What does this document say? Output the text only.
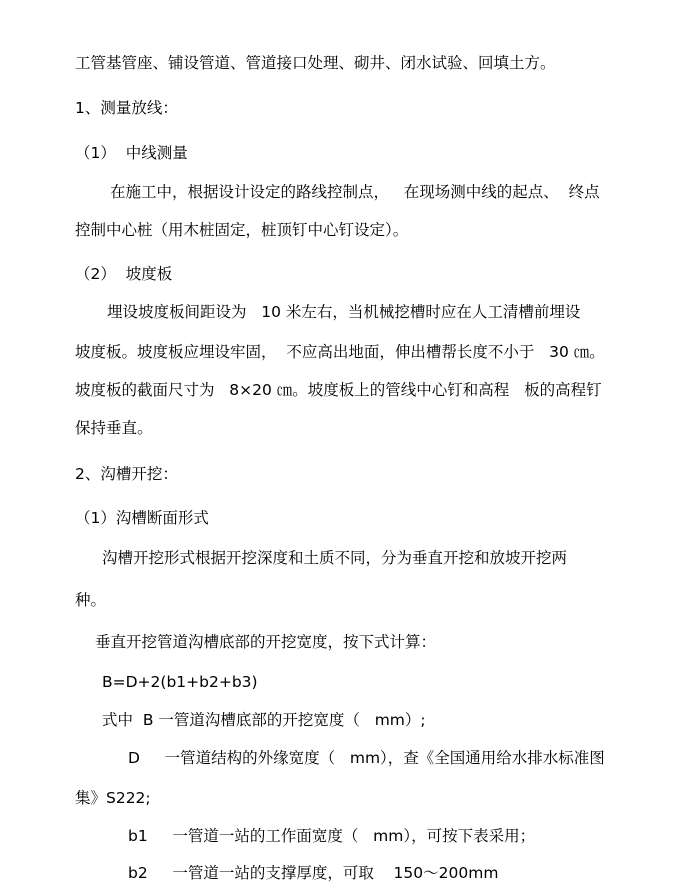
工管基管座、铺设管道、管道接口处理、砌井、闭水试验、回填土方。
1、测量放线：
（1）  中线测量
在施工中，根据设计设定的路线控制点，   在现场测中线的起点、  终点
控制中心桩（用木桩固定，桩顶钉中心钉设定）。
（2）  坡度板
埋设坡度板间距设为   10 米左右，当机械挖槽时应在人工清槽前埋设
坡度板。坡度板应埋设牢固，  不应高出地面，伸出槽帮长度不小于   30 ㎝。
坡度板的截面尺寸为   8×20 ㎝。坡度板上的管线中心钉和高程   板的高程钉
保持垂直。
2、沟槽开挖：
（1）沟槽断面形式
沟槽开挖形式根据开挖深度和土质不同，分为垂直开挖和放坡开挖两
种。
垂直开挖管道沟槽底部的开挖宽度，按下式计算：
B=D+2(b1+b2+b3)
式中  B 一管道沟槽底部的开挖宽度（   mm）;
D     一管道结构的外缘宽度（   mm），查《全国通用给水排水标准图
集》S222;
b1     一管道一站的工作面宽度（   mm），可按下表采用；
b2     一管道一站的支撑厚度，可取    150～200mm
